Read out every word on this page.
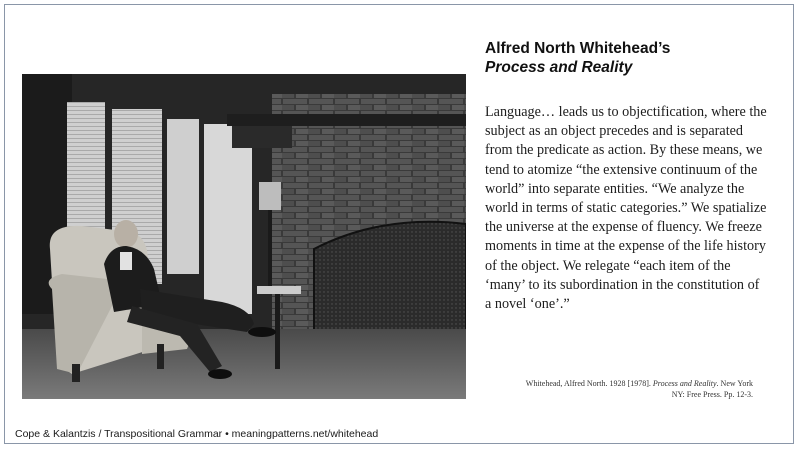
Alfred North Whitehead’s
Process and Reality
Language… leads us to objectification, where the subject as an object precedes and is separated from the predicate as action. By these means, we tend to atomize “the extensive continuum of the world” into separate entities. “We analyze the world in terms of static categories.” We spatialize the universe at the expense of fluency. We freeze moments in time at the expense of the life history of the object. We relegate “each item of the ‘many’ to its subordination in the constitution of a novel ‘one’.”
Whitehead, Alfred North. 1928 [1978]. Process and Reality. New York
NY: Free Press. Pp. 12-3.
Cope & Kalantzis / Transpositional Grammar • meaningpatterns.net/whitehead
